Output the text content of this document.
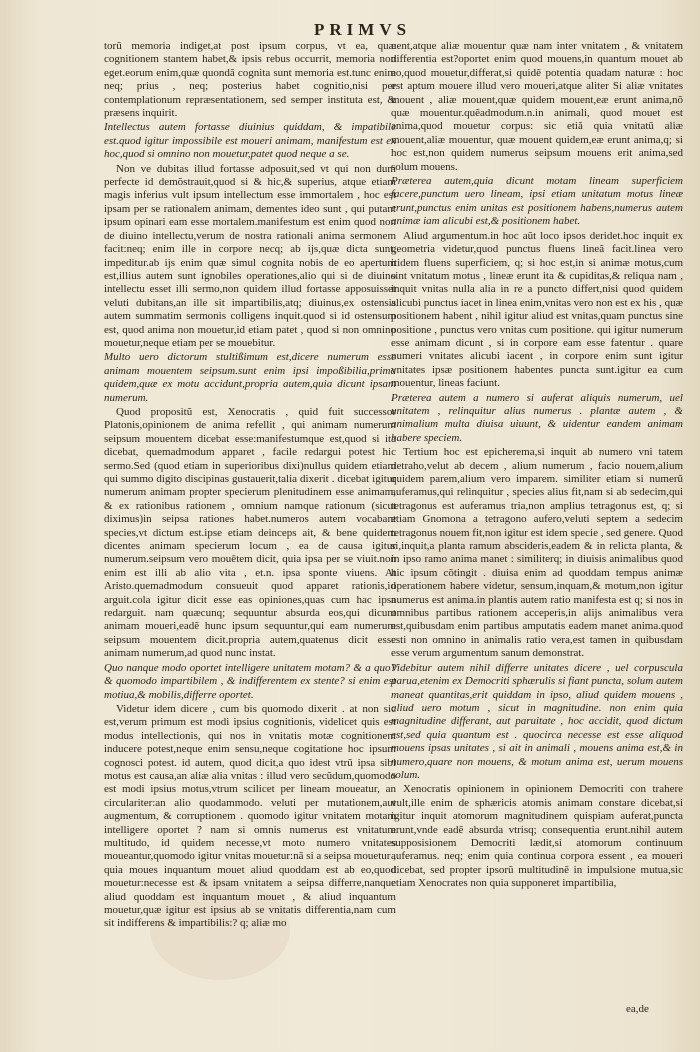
PRIMVS

torũ memoria indiget,at post ipsum corpus, vt ea, quæ cognitionem stantem habet,& ipsis rebus occurrit, memoria non eget.eorum enim,quæ quondã cognita sunt memoria est.tunc enim neq; prius , neq; posterius habet cognitio,nisi per contemplationum repræsentationem, sed semper instituta est, & præsens inquirit.

Intellectus autem fortasse diuinius quiddam, & impatibile est.quod igitur impossibile est moueri animam, manifestum est ex hoc,quod si omnino non mouetur,patet quod neque a se.

Non ve dubitas illud fortasse adposuit,sed vt qui non dum perfecte id demõstrauit,quod si & hic,& superius, atque etiam magis inferius vult ipsum intellectum esse immortalem , hoc est ipsam per se rationalem animam, dementes ideo sunt , qui putant ipsum opinari eam esse mortalem.manifestum est enim quod non de diuino intellectu,verum de nostra rationali anima sermonem facit:neq; enim ille in corpore necq; ab ijs,quæ dicta sunt, impeditur.ab ijs enim quæ simul cognita nobis de eo apertum est,illius autem sunt ignobiles operationes,alio qui si de diuino intellectu esset illi sermo,non quidem illud fortasse apposuisset veluti dubitans,an ille sit impartibilis,atq; diuinus,ex ostensis autem summatim sermonis colligens inquit.quod si id ostensum est, quod anima non mouetur,id etiam patet , quod si non omnino mouetur,neque etiam per se mouebitur.

Multo uero dictorum stultißimum est,dicere numerum esse animam mouentem seipsum.sunt enim ipsi impoßibilia,prima quidem,quæ ex motu accidunt,propria autem,quia dicunt ipsam numerum.

Quod propositũ est, Xenocratis , quid fuit successor Platonis,opinionem de anima refellit , qui animam numerum seipsum mouentem dicebat esse:manifestumque est,quod si ita dicebat, quemadmodum apparet , facile redargui potest hic sermo.Sed (quod etiam in superioribus dixi)nullus quidem etiam qui summo digito discipinas gustauerit,talia dixerit . dicebat igitur numerum animam propter specierum plenitudinem esse animam, & ex rationibus rationem , omnium namque rationum (sicut diximus)in seipsa rationes habet.numeros autem vocabant species,vt dictum est.ipse etiam deinceps ait, & bene quidem dicentes animam specierum locum , ea de causa igitur numerum.seipsum vero mouētem dicit, quia ipsa per se viuit.non enim est illi ab alio vita , et.n. ipsa sponte viuens. At Aristo.quemadmodum consueuit quod apparet rationis,id arguit.cola igitur dicit esse eas opiniones,quas cum hac ipsa redarguit. nam quæcunq; sequuntur absurda eos,qui dicunt animam moueri,eadẽ hunc ipsum sequuntur,qui eam numerum seipsum mouentem dicit.propria autem,quatenus dicit esse animam numerum,ad quod nunc instat.

Quo nanque modo oportet intelligere unitatem motam? & a quo? & quomodo impartibilem , & indifferentem ex stente? si enim est motiua,& mobilis,differre oportet.

Videtur idem dicere , cum bis quomodo dixerit . at non sic est,verum primum est modi ipsius cognitionis, videlicet quis est modus intellectionis, qui nos in vnitatis motæ cognitionem inducere potest,neque enim sensu,neque cogitatione hoc ipsum cognosci potest. id autem, quod dicit,a quo idest vtrũ ipsa sibi motus est causa,an aliæ alia vnitas : illud vero secũdum,quomodo est modi ipsius motus,vtrum scilicet per lineam moueatur, an circulariter:an alio quodammodo. veluti per mutationem,aut augmentum, & corruptionem . quomodo igitur vnitatem motam intelligere oportet ? nam si omnis numerus est vnitatum multitudo, id quidem necesse,vt moto numero vnitates moueantur,quomodo igitur vnitas mouetur:nã si a seipsa mouetur , quia moues inquantum mouet aliud quoddam est ab eo,quod mouetur:necesse est & ipsam vnitatem a seipsa differre,nanque aliud quoddam est inquantum mouet , & aliud inquantum mouetur,quæ igitur est ipsius ab se vnitatis differentia,nam cum sit indifferens & impartibilis:? q; aliæ mo

uent,atque aliæ mouentur quæ nam inter vnitatem , & vnitatem differentia est?oportet enim quod mouens,in quantum mouet ab eo,quod mouetur,differat,si quidẽ potentia quadam naturæ : hoc est aptum mouere illud vero moueri,atque aliter Si aliæ vnitates mouent , aliæ mouent,quæ quidem mouent,eæ erunt anima,nõ quæ mouentur.quẽadmodum.n.in animali, quod mouet est anima,quod mouetur corpus: sic etiã quia vnitatũ aliæ mouent,aliæ mouentur, quæ mouent quidem,eæ erunt anima,q; si hoc est,non quidem numerus seipsum mouens erit anima,sed solum mouens.

Præterea autem,quia dicunt motam lineam superficiem facere,punctum uero lineam, ipsi etiam unitatum motus lineæ erunt,punctus enim unitas est positionem habens,numerus autem animæ iam alicubi est,& positionem habet.

Aliud argumentum.in hoc aũt loco ipsos deridet.hoc inquit ex geometria videtur,quod punctus fluens lineã facit.linea vero itidem fluens superficiem, q; si hoc est,in si animæ motus,cum sint vnitatum motus , lineæ erunt ita & cupiditas,& reliqua nam , inquit vnitas nulla alia in re a puncto differt,nisi quod quidem alicubi punctus iacet in linea enim,vnitas vero non est ex his , quæ positionem habent , nihil igitur aliud est vnitas,quam punctus sine positione , punctus vero vnitas cum positione. qui igitur numerum esse animam dicunt , si in corpore eam esse fatentur . quare numeri vnitates alicubi iacent , in corpore enim sunt igitur vnitates ipsæ positionem habentes puncta sunt.igitur ea cum mouentur, lineas faciunt.

Præterea autem a numero si auferat aliquis numerum, uel unitatem , relinquitur alius numerus . plantæ autem , & animalium multa diuisa uiuunt, & uidentur eandem animam habere speciem.

Tertium hoc est epicherema,si inquit ab numero vni tatem detraho,velut ab decem , alium numerum , facio nouem,alium quidem parem,alium vero imparem. similiter etiam si numerũ auferamus,qui relinquitur , species alius fit,nam si ab sedecim,qui tetragonus est auferamus tria,non amplius tetragonus est, q; si etiam Gnomona a tetragono aufero,veluti septem a sedecim tetragonus nouem fit,non igitur est idem specie , sed genere. Quod si,inquit,a planta ramum abscideris,eadem & in relicta planta, & in ipso ramo anima manet : similiterq; in diuisis animalibus quod hic ipsum cõtingit . diuisa enim ad quoddam tempus animæ operationem habere videtur, sensum,inquam,& motum,non igitur numerus est anima.in plantis autem ratio manifesta est q; si nos in omnibus partibus rationem acceperis,in alijs animalibus vera est,quibusdam enim partibus amputatis eadem manet anima.quod esti non omnino in animalis ratio vera,est tamen in quibusdam esse verum argumentum sanum demonstrat.

Videbitur autem nihil differre unitates dicere , uel corpuscula parua,etenim ex Democriti sphærulis si fiant puncta, solum autem maneat quantitas,erit quiddam in ipso, aliud quidem mouens , aliud uero motum , sicut in magnitudine. non enim quia magnitudine differant, aut paruitate , hoc accidit, quod dictum est,sed quia quantum est . quocirca necesse est esse aliquod mouens ipsas unitates , si ait in animali , mouens anima est,& in numero,quare non mouens, & motum anima est, uerum mouens solum.

Xenocratis opinionem in opinionem Democriti con trahere vult,ille enim de sphæricis atomis animam constare dicebat,si igitur inquit atomorum magnitudinem quispiam auferat,puncta erunt,vnde eadẽ absurda vtrisq; consequentia erunt.nihil autem supposisionem Democriti lædit,si atomorum continuum auferamus. neq; enim quia continua corpora essent , ea moueri dicebat, sed propter ipsorũ multitudinẽ in impulsione mutua,sic etiam Xenocrates non quia supponeret impartibilia,

ea,de
